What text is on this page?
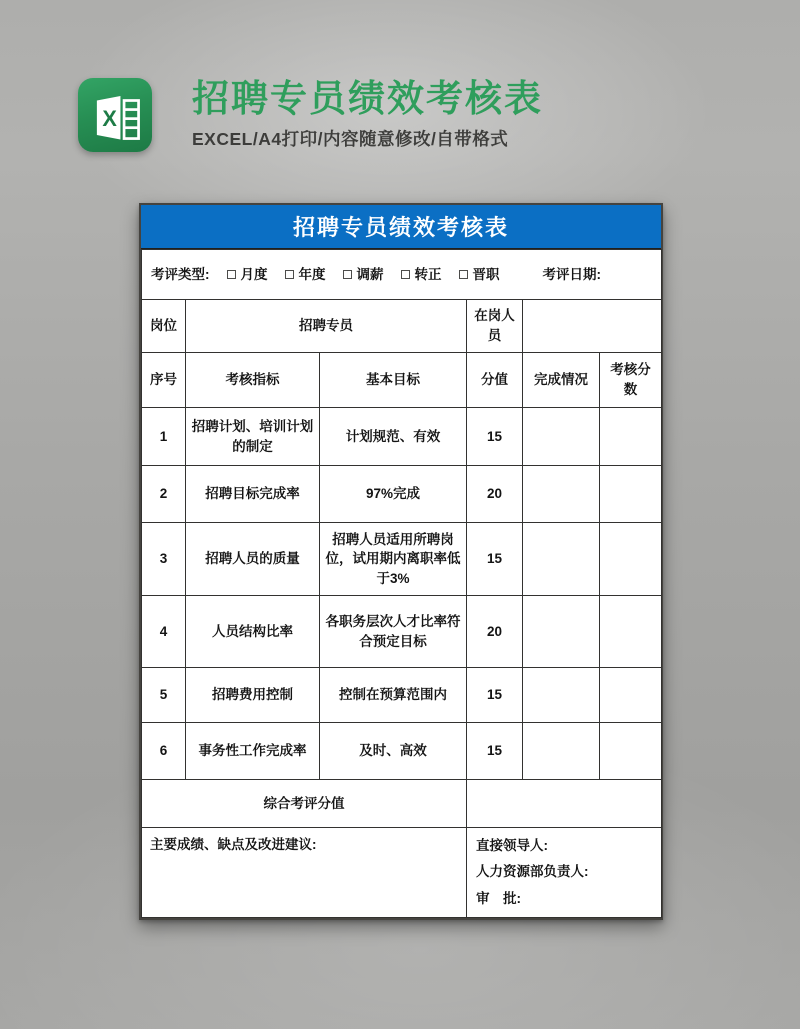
X 招聘专员绩效考核表
EXCEL/A4打印/内容随意修改/自带格式
招聘专员绩效考核表
考评类型: 月度 年度 调薪 转正 晋职	考评日期:

岗位	招聘专员		在岗人员		
序号	考核指标	基本目标	分值	完成情况	考核分数
1	招聘计划、培训计划的制定	计划规范、有效	15		
2	招聘目标完成率	97%完成	20		
3	招聘人员的质量	招聘人员适用所聘岗位，试用期内离职率低于3%	15		
4	人员结构比率	各职务层次人才比率符合预定目标	20		
5	招聘费用控制	控制在预算范围内	15		
6	事务性工作完成率	及时、高效	15		
综合考评分值					
主要成绩、缺点及改进建议:			直接领导人:
人力资源部负责人:
审　批:		
